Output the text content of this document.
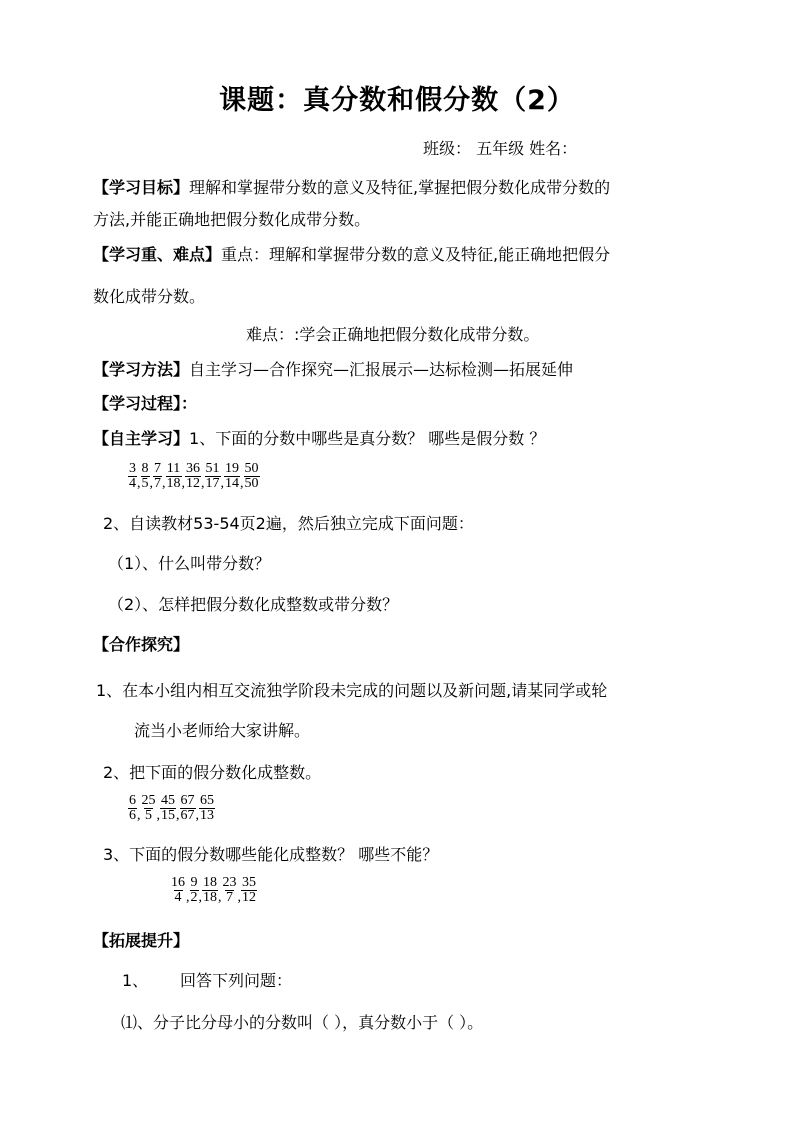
课题：真分数和假分数（2）
班级： 五年级 姓名：
【学习目标】理解和掌握带分数的意义及特征,掌握把假分数化成带分数的
方法,并能正确地把假分数化成带分数。
【学习重、难点】重点：理解和掌握带分数的意义及特征,能正确地把假分
数化成带分数。
难点：:学会正确地把假分数化成带分数。
【学习方法】自主学习—合作探究—汇报展示—达标检测—拓展延伸
【学习过程】：
【自主学习】1、下面的分数中哪些是真分数？ 哪些是假分数 ？
$\frac{3}{4}$ , $\frac{8}{5}$ , $\frac{7}{7}$ , $\frac{11}{18}$ , $\frac{36}{12}$ , $\frac{51}{17}$ , $\frac{19}{14}$ , $\frac{50}{50}$
2、自读教材53-54页2遍，然后独立完成下面问题：
（1）、什么叫带分数？
（2）、怎样把假分数化成整数或带分数？
【合作探究】
1、在本小组内相互交流独学阶段未完成的问题以及新问题,请某同学或轮
流当小老师给大家讲解。
2、把下面的假分数化成整数。
$\frac{6}{6}$ , $\frac{25}{5}$ , $\frac{45}{15}$ , $\frac{67}{67}$ , $\frac{65}{13}$
3、下面的假分数哪些能化成整数？ 哪些不能？
$\frac{16}{4}$ , $\frac{9}{2}$ , $\frac{18}{18}$ , $\frac{23}{7}$ , $\frac{35}{12}$
【拓展提升】
1、 回答下列问题：
⑴、分子比分母小的分数叫（ ），真分数小于（ ）。
